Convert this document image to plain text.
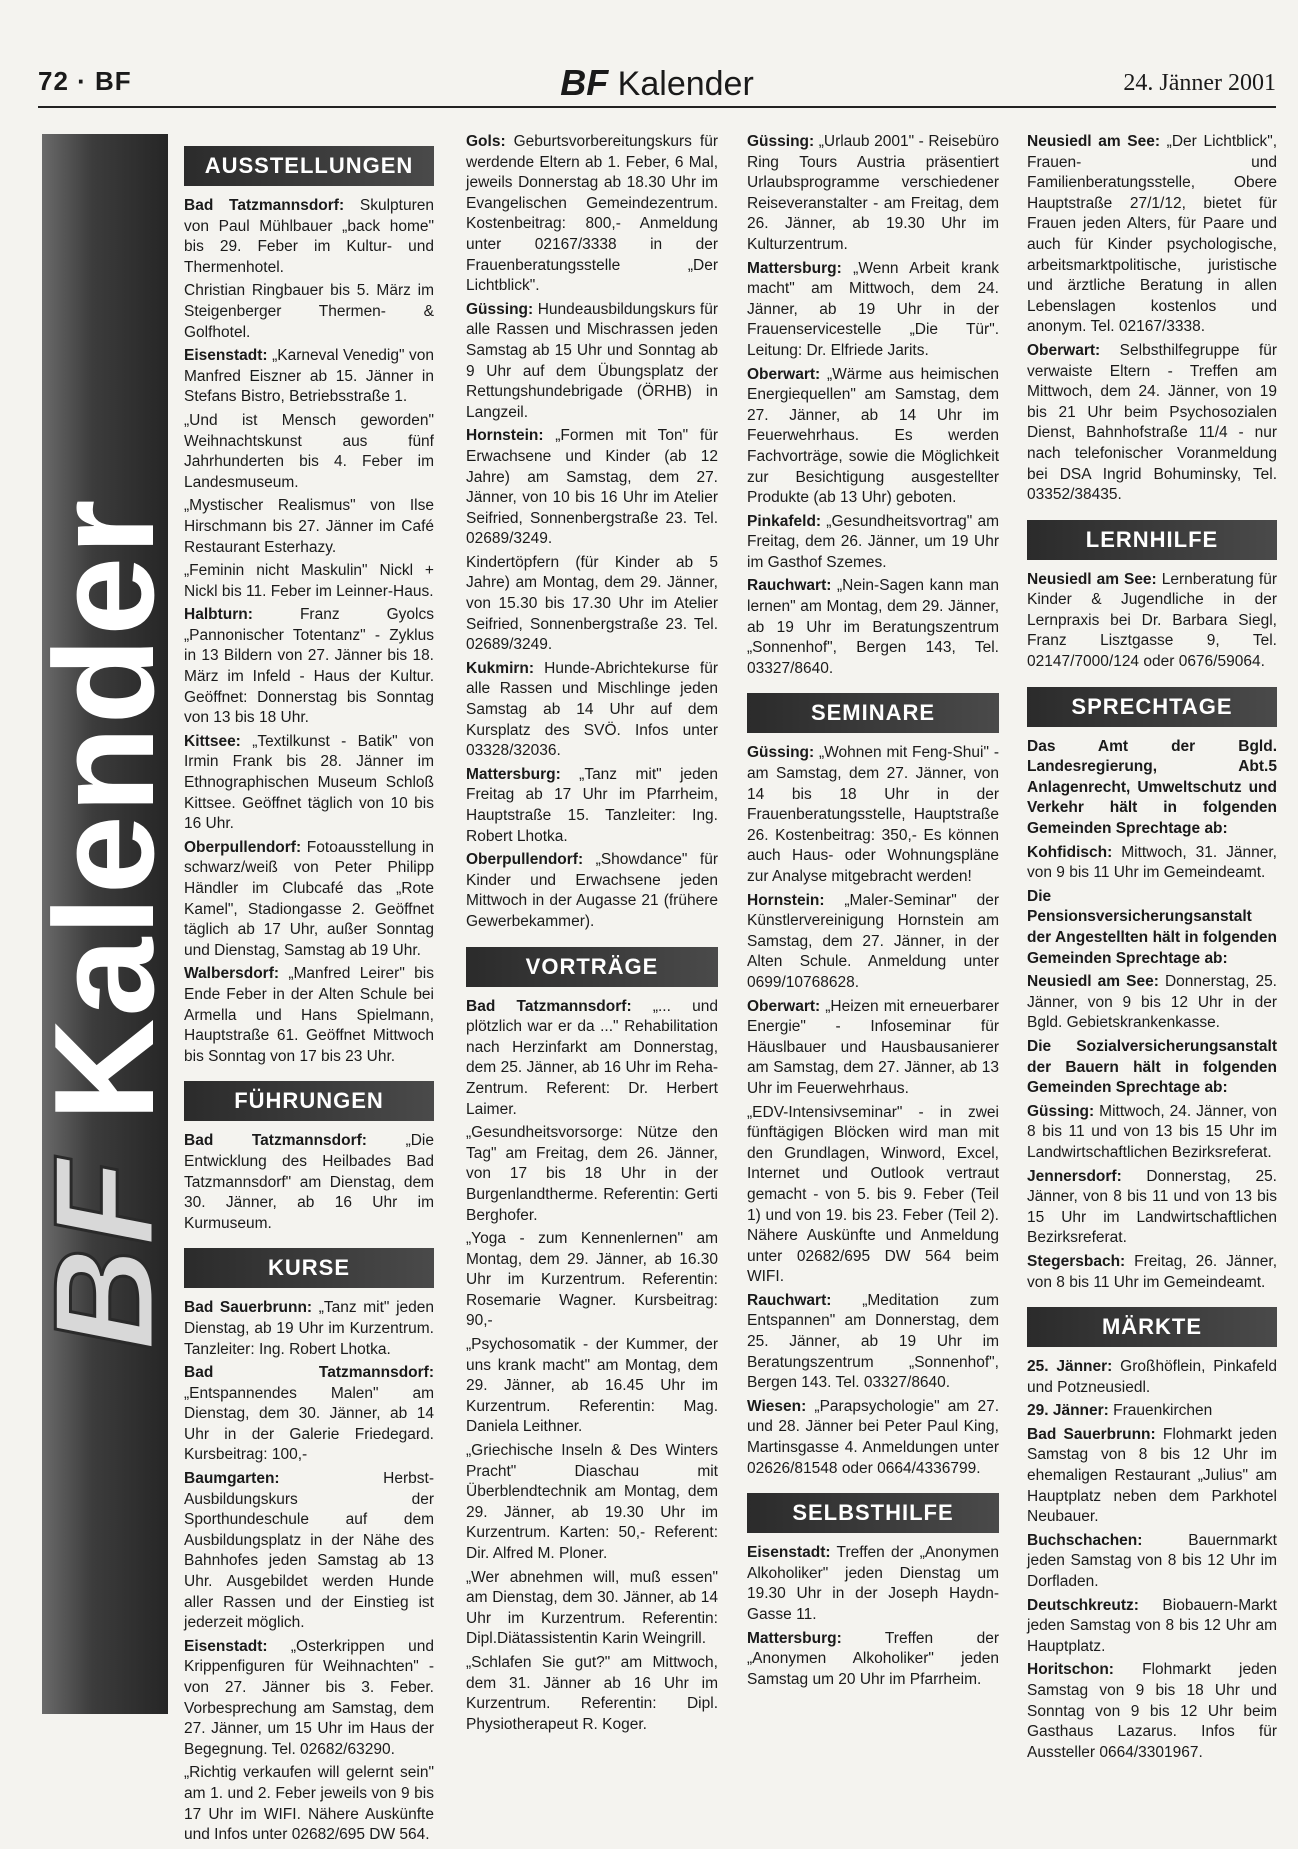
72 · BF	BF Kalender	24. Jänner 2001
BFKalender
AUSSTELLUNGEN
Bad Tatzmannsdorf: Skulpturen von Paul Mühlbauer „back home" bis 29. Feber im Kultur- und Thermenhotel.
Christian Ringbauer bis 5. März im Steigenberger Thermen- & Golfhotel.
Eisenstadt: „Karneval Venedig" von Manfred Eiszner ab 15. Jänner in Stefans Bistro, Betriebsstraße 1.
„Und ist Mensch geworden" Weihnachtskunst aus fünf Jahrhunderten bis 4. Feber im Landesmuseum.
„Mystischer Realismus" von Ilse Hirschmann bis 27. Jänner im Café Restaurant Esterhazy.
„Feminin nicht Maskulin" Nickl + Nickl bis 11. Feber im Leinner-Haus.
Halbturn: Franz Gyolcs „Pannonischer Totentanz" - Zyklus in 13 Bildern von 27. Jänner bis 18. März im Infeld - Haus der Kultur. Geöffnet: Donnerstag bis Sonntag von 13 bis 18 Uhr.
Kittsee: „Textilkunst - Batik" von Irmin Frank bis 28. Jänner im Ethnographischen Museum Schloß Kittsee. Geöffnet täglich von 10 bis 16 Uhr.
Oberpullendorf: Fotoausstellung in schwarz/weiß von Peter Philipp Händler im Clubcafé das „Rote Kamel", Stadiongasse 2. Geöffnet täglich ab 17 Uhr, außer Sonntag und Dienstag, Samstag ab 19 Uhr.
Walbersdorf: „Manfred Leirer" bis Ende Feber in der Alten Schule bei Armella und Hans Spielmann, Hauptstraße 61. Geöffnet Mittwoch bis Sonntag von 17 bis 23 Uhr.
FÜHRUNGEN
Bad Tatzmannsdorf: „Die Entwicklung des Heilbades Bad Tatzmannsdorf" am Dienstag, dem 30. Jänner, ab 16 Uhr im Kurmuseum.
KURSE
Bad Sauerbrunn: „Tanz mit" jeden Dienstag, ab 19 Uhr im Kurzentrum. Tanzleiter: Ing. Robert Lhotka.
Bad Tatzmannsdorf: „Entspannendes Malen" am Dienstag, dem 30. Jänner, ab 14 Uhr in der Galerie Friedegard. Kursbeitrag: 100,-
Baumgarten: Herbst-Ausbildungskurs der Sporthundeschule auf dem Ausbildungsplatz in der Nähe des Bahnhofes jeden Samstag ab 13 Uhr. Ausgebildet werden Hunde aller Rassen und der Einstieg ist jederzeit möglich.
Eisenstadt: „Osterkrippen und Krippenfiguren für Weihnachten" - von 27. Jänner bis 3. Feber. Vorbesprechung am Samstag, dem 27. Jänner, um 15 Uhr im Haus der Begegnung. Tel. 02682/63290.
„Richtig verkaufen will gelernt sein" am 1. und 2. Feber jeweils von 9 bis 17 Uhr im WIFI. Nähere Auskünfte und Infos unter 02682/695 DW 564.
Gols: Geburtsvorbereitungskurs für werdende Eltern ab 1. Feber, 6 Mal, jeweils Donnerstag ab 18.30 Uhr im Evangelischen Gemeindezentrum. Kostenbeitrag: 800,- Anmeldung unter 02167/3338 in der Frauenberatungsstelle „Der Lichtblick".
Güssing: Hundeausbildungskurs für alle Rassen und Mischrassen jeden Samstag ab 15 Uhr und Sonntag ab 9 Uhr auf dem Übungsplatz der Rettungshundebrigade (ÖRHB) in Langzeil.
Hornstein: „Formen mit Ton" für Erwachsene und Kinder (ab 12 Jahre) am Samstag, dem 27. Jänner, von 10 bis 16 Uhr im Atelier Seifried, Sonnenbergstraße 23. Tel. 02689/3249.
Kindertöpfern (für Kinder ab 5 Jahre) am Montag, dem 29. Jänner, von 15.30 bis 17.30 Uhr im Atelier Seifried, Sonnenbergstraße 23. Tel. 02689/3249.
Kukmirn: Hunde-Abrichtekurse für alle Rassen und Mischlinge jeden Samstag ab 14 Uhr auf dem Kursplatz des SVÖ. Infos unter 03328/32036.
Mattersburg: „Tanz mit" jeden Freitag ab 17 Uhr im Pfarrheim, Hauptstraße 15. Tanzleiter: Ing. Robert Lhotka.
Oberpullendorf: „Showdance" für Kinder und Erwachsene jeden Mittwoch in der Augasse 21 (frühere Gewerbekammer).
VORTRÄGE
Bad Tatzmannsdorf: „... und plötzlich war er da ..." Rehabilitation nach Herzinfarkt am Donnerstag, dem 25. Jänner, ab 16 Uhr im Reha-Zentrum. Referent: Dr. Herbert Laimer.
„Gesundheitsvorsorge: Nütze den Tag" am Freitag, dem 26. Jänner, von 17 bis 18 Uhr in der Burgenlandtherme. Referentin: Gerti Berghofer.
„Yoga - zum Kennenlernen" am Montag, dem 29. Jänner, ab 16.30 Uhr im Kurzentrum. Referentin: Rosemarie Wagner. Kursbeitrag: 90,-
„Psychosomatik - der Kummer, der uns krank macht" am Montag, dem 29. Jänner, ab 16.45 Uhr im Kurzentrum. Referentin: Mag. Daniela Leithner.
„Griechische Inseln & Des Winters Pracht" Diaschau mit Überblendtechnik am Montag, dem 29. Jänner, ab 19.30 Uhr im Kurzentrum. Karten: 50,- Referent: Dir. Alfred M. Ploner.
„Wer abnehmen will, muß essen" am Dienstag, dem 30. Jänner, ab 14 Uhr im Kurzentrum. Referentin: Dipl.Diätassistentin Karin Weingrill.
„Schlafen Sie gut?" am Mittwoch, dem 31. Jänner ab 16 Uhr im Kurzentrum. Referentin: Dipl. Physiotherapeut R. Koger.
Güssing: „Urlaub 2001" - Reisebüro Ring Tours Austria präsentiert Urlaubsprogramme verschiedener Reiseveranstalter - am Freitag, dem 26. Jänner, ab 19.30 Uhr im Kulturzentrum.
Mattersburg: „Wenn Arbeit krank macht" am Mittwoch, dem 24. Jänner, ab 19 Uhr in der Frauenservicestelle „Die Tür". Leitung: Dr. Elfriede Jarits.
Oberwart: „Wärme aus heimischen Energiequellen" am Samstag, dem 27. Jänner, ab 14 Uhr im Feuerwehrhaus. Es werden Fachvorträge, sowie die Möglichkeit zur Besichtigung ausgestellter Produkte (ab 13 Uhr) geboten.
Pinkafeld: „Gesundheitsvortrag" am Freitag, dem 26. Jänner, um 19 Uhr im Gasthof Szemes.
Rauchwart: „Nein-Sagen kann man lernen" am Montag, dem 29. Jänner, ab 19 Uhr im Beratungszentrum „Sonnenhof", Bergen 143, Tel. 03327/8640.
SEMINARE
Güssing: „Wohnen mit Feng-Shui" - am Samstag, dem 27. Jänner, von 14 bis 18 Uhr in der Frauenberatungsstelle, Hauptstraße 26. Kostenbeitrag: 350,- Es können auch Haus- oder Wohnungspläne zur Analyse mitgebracht werden!
Hornstein: „Maler-Seminar" der Künstlervereinigung Hornstein am Samstag, dem 27. Jänner, in der Alten Schule. Anmeldung unter 0699/10768628.
Oberwart: „Heizen mit erneuerbarer Energie" - Infoseminar für Häuslbauer und Hausbausanierer am Samstag, dem 27. Jänner, ab 13 Uhr im Feuerwehrhaus.
„EDV-Intensivseminar" - in zwei fünftägigen Blöcken wird man mit den Grundlagen, Winword, Excel, Internet und Outlook vertraut gemacht - von 5. bis 9. Feber (Teil 1) und von 19. bis 23. Feber (Teil 2). Nähere Auskünfte und Anmeldung unter 02682/695 DW 564 beim WIFI.
Rauchwart: „Meditation zum Entspannen" am Donnerstag, dem 25. Jänner, ab 19 Uhr im Beratungszentrum „Sonnenhof", Bergen 143. Tel. 03327/8640.
Wiesen: „Parapsychologie" am 27. und 28. Jänner bei Peter Paul King, Martinsgasse 4. Anmeldungen unter 02626/81548 oder 0664/4336799.
SELBSTHILFE
Eisenstadt: Treffen der „Anonymen Alkoholiker" jeden Dienstag um 19.30 Uhr in der Joseph Haydn-Gasse 11.
Mattersburg: Treffen der „Anonymen Alkoholiker" jeden Samstag um 20 Uhr im Pfarrheim.
Neusiedl am See: „Der Lichtblick", Frauen- und Familienberatungsstelle, Obere Hauptstraße 27/1/12, bietet für Frauen jeden Alters, für Paare und auch für Kinder psychologische, arbeitsmarktpolitische, juristische und ärztliche Beratung in allen Lebenslagen kostenlos und anonym. Tel. 02167/3338.
Oberwart: Selbsthilfegruppe für verwaiste Eltern - Treffen am Mittwoch, dem 24. Jänner, von 19 bis 21 Uhr beim Psychosozialen Dienst, Bahnhofstraße 11/4 - nur nach telefonischer Voranmeldung bei DSA Ingrid Bohuminsky, Tel. 03352/38435.
LERNHILFE
Neusiedl am See: Lernberatung für Kinder & Jugendliche in der Lernpraxis bei Dr. Barbara Siegl, Franz Lisztgasse 9, Tel. 02147/7000/124 oder 0676/59064.
SPRECHTAGE
Das Amt der Bgld. Landesregierung, Abt.5 Anlagenrecht, Umweltschutz und Verkehr hält in folgenden Gemeinden Sprechtage ab:
Kohfidisch: Mittwoch, 31. Jänner, von 9 bis 11 Uhr im Gemeindeamt.
Die Pensionsversicherungsanstalt der Angestellten hält in folgenden Gemeinden Sprechtage ab:
Neusiedl am See: Donnerstag, 25. Jänner, von 9 bis 12 Uhr in der Bgld. Gebietskrankenkasse.
Die Sozialversicherungsanstalt der Bauern hält in folgenden Gemeinden Sprechtage ab:
Güssing: Mittwoch, 24. Jänner, von 8 bis 11 und von 13 bis 15 Uhr im Landwirtschaftlichen Bezirksreferat.
Jennersdorf: Donnerstag, 25. Jänner, von 8 bis 11 und von 13 bis 15 Uhr im Landwirtschaftlichen Bezirksreferat.
Stegersbach: Freitag, 26. Jänner, von 8 bis 11 Uhr im Gemeindeamt.
MÄRKTE
25. Jänner: Großhöflein, Pinkafeld und Potzneusiedl.
29. Jänner: Frauenkirchen
Bad Sauerbrunn: Flohmarkt jeden Samstag von 8 bis 12 Uhr im ehemaligen Restaurant „Julius" am Hauptplatz neben dem Parkhotel Neubauer.
Buchschachen: Bauernmarkt jeden Samstag von 8 bis 12 Uhr im Dorfladen.
Deutschkreutz: Biobauern-Markt jeden Samstag von 8 bis 12 Uhr am Hauptplatz.
Horitschon: Flohmarkt jeden Samstag von 9 bis 18 Uhr und Sonntag von 9 bis 12 Uhr beim Gasthaus Lazarus. Infos für Aussteller 0664/3301967.
